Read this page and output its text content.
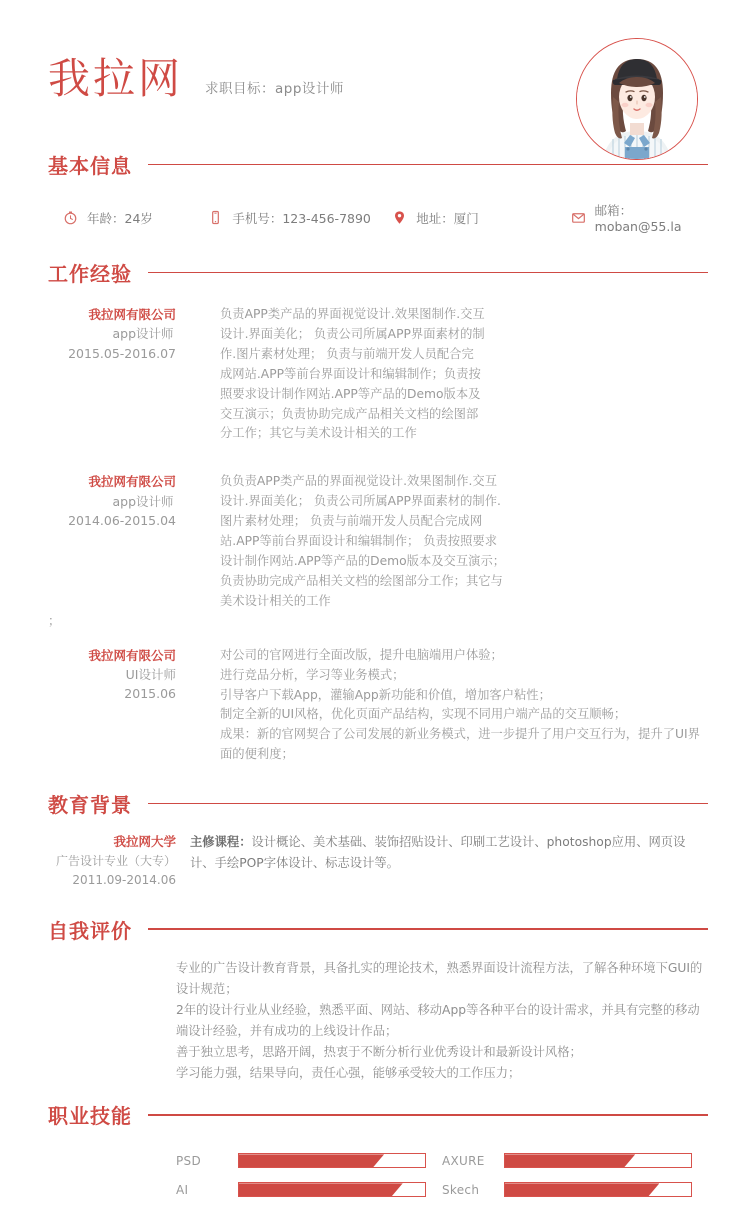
我拉网 求职目标：app设计师
基本信息
年龄：24岁	手机号：123-456-7890	地址：厦门	邮箱：moban@55.la
工作经验
我拉网有限公司
app设计师
2015.05-2016.07

负责APP类产品的界面视觉设计.效果图制作.交互设计.界面美化； 负责公司所属APP界面素材的制作.图片素材处理； 负责与前端开发人员配合完成网站.APP等前台界面设计和编辑制作；负责按照要求设计制作网站.APP等产品的Demo版本及交互演示；负责协助完成产品相关文档的绘图部分工作；其它与美术设计相关的工作

我拉网有限公司
app设计师
2014.06-2015.04

负负责APP类产品的界面视觉设计.效果图制作.交互设计.界面美化； 负责公司所属APP界面素材的制作.图片素材处理； 负责与前端开发人员配合完成网站.APP等前台界面设计和编辑制作； 负责按照要求设计制作网站.APP等产品的Demo版本及交互演示；负责协助完成产品相关文档的绘图部分工作；其它与美术设计相关的工作

；
我拉网有限公司
UI设计师
2015.06

对公司的官网进行全面改版，提升电脑端用户体验；

进行竞品分析，学习等业务模式；

引导客户下载App，灌输App新功能和价值，增加客户粘性；

制定全新的UI风格，优化页面产品结构，实现不同用户端产品的交互顺畅；

成果：新的官网契合了公司发展的新业务模式，进一步提升了用户交互行为，提升了UI界面的便利度；

教育背景
我拉网大学
广告设计专业（大专）
2011.09-2014.06
主修课程：设计概论、美术基础、装饰招贴设计、印刷工艺设计、photoshop应用、网页设计、手绘POP字体设计、标志设计等。
自我评价

专业的广告设计教育背景，具备扎实的理论技术，熟悉界面设计流程方法，了解各种环境下GUI的设计规范；

2年的设计行业从业经验，熟悉平面、网站、移动App等各种平台的设计需求，并具有完整的移动端设计经验，并有成功的上线设计作品；

善于独立思考，思路开阔，热衷于不断分析行业优秀设计和最新设计风格；

学习能力强，结果导向，责任心强，能够承受较大的工作压力；

职业技能
PSD	AXURE
AI	Skech
